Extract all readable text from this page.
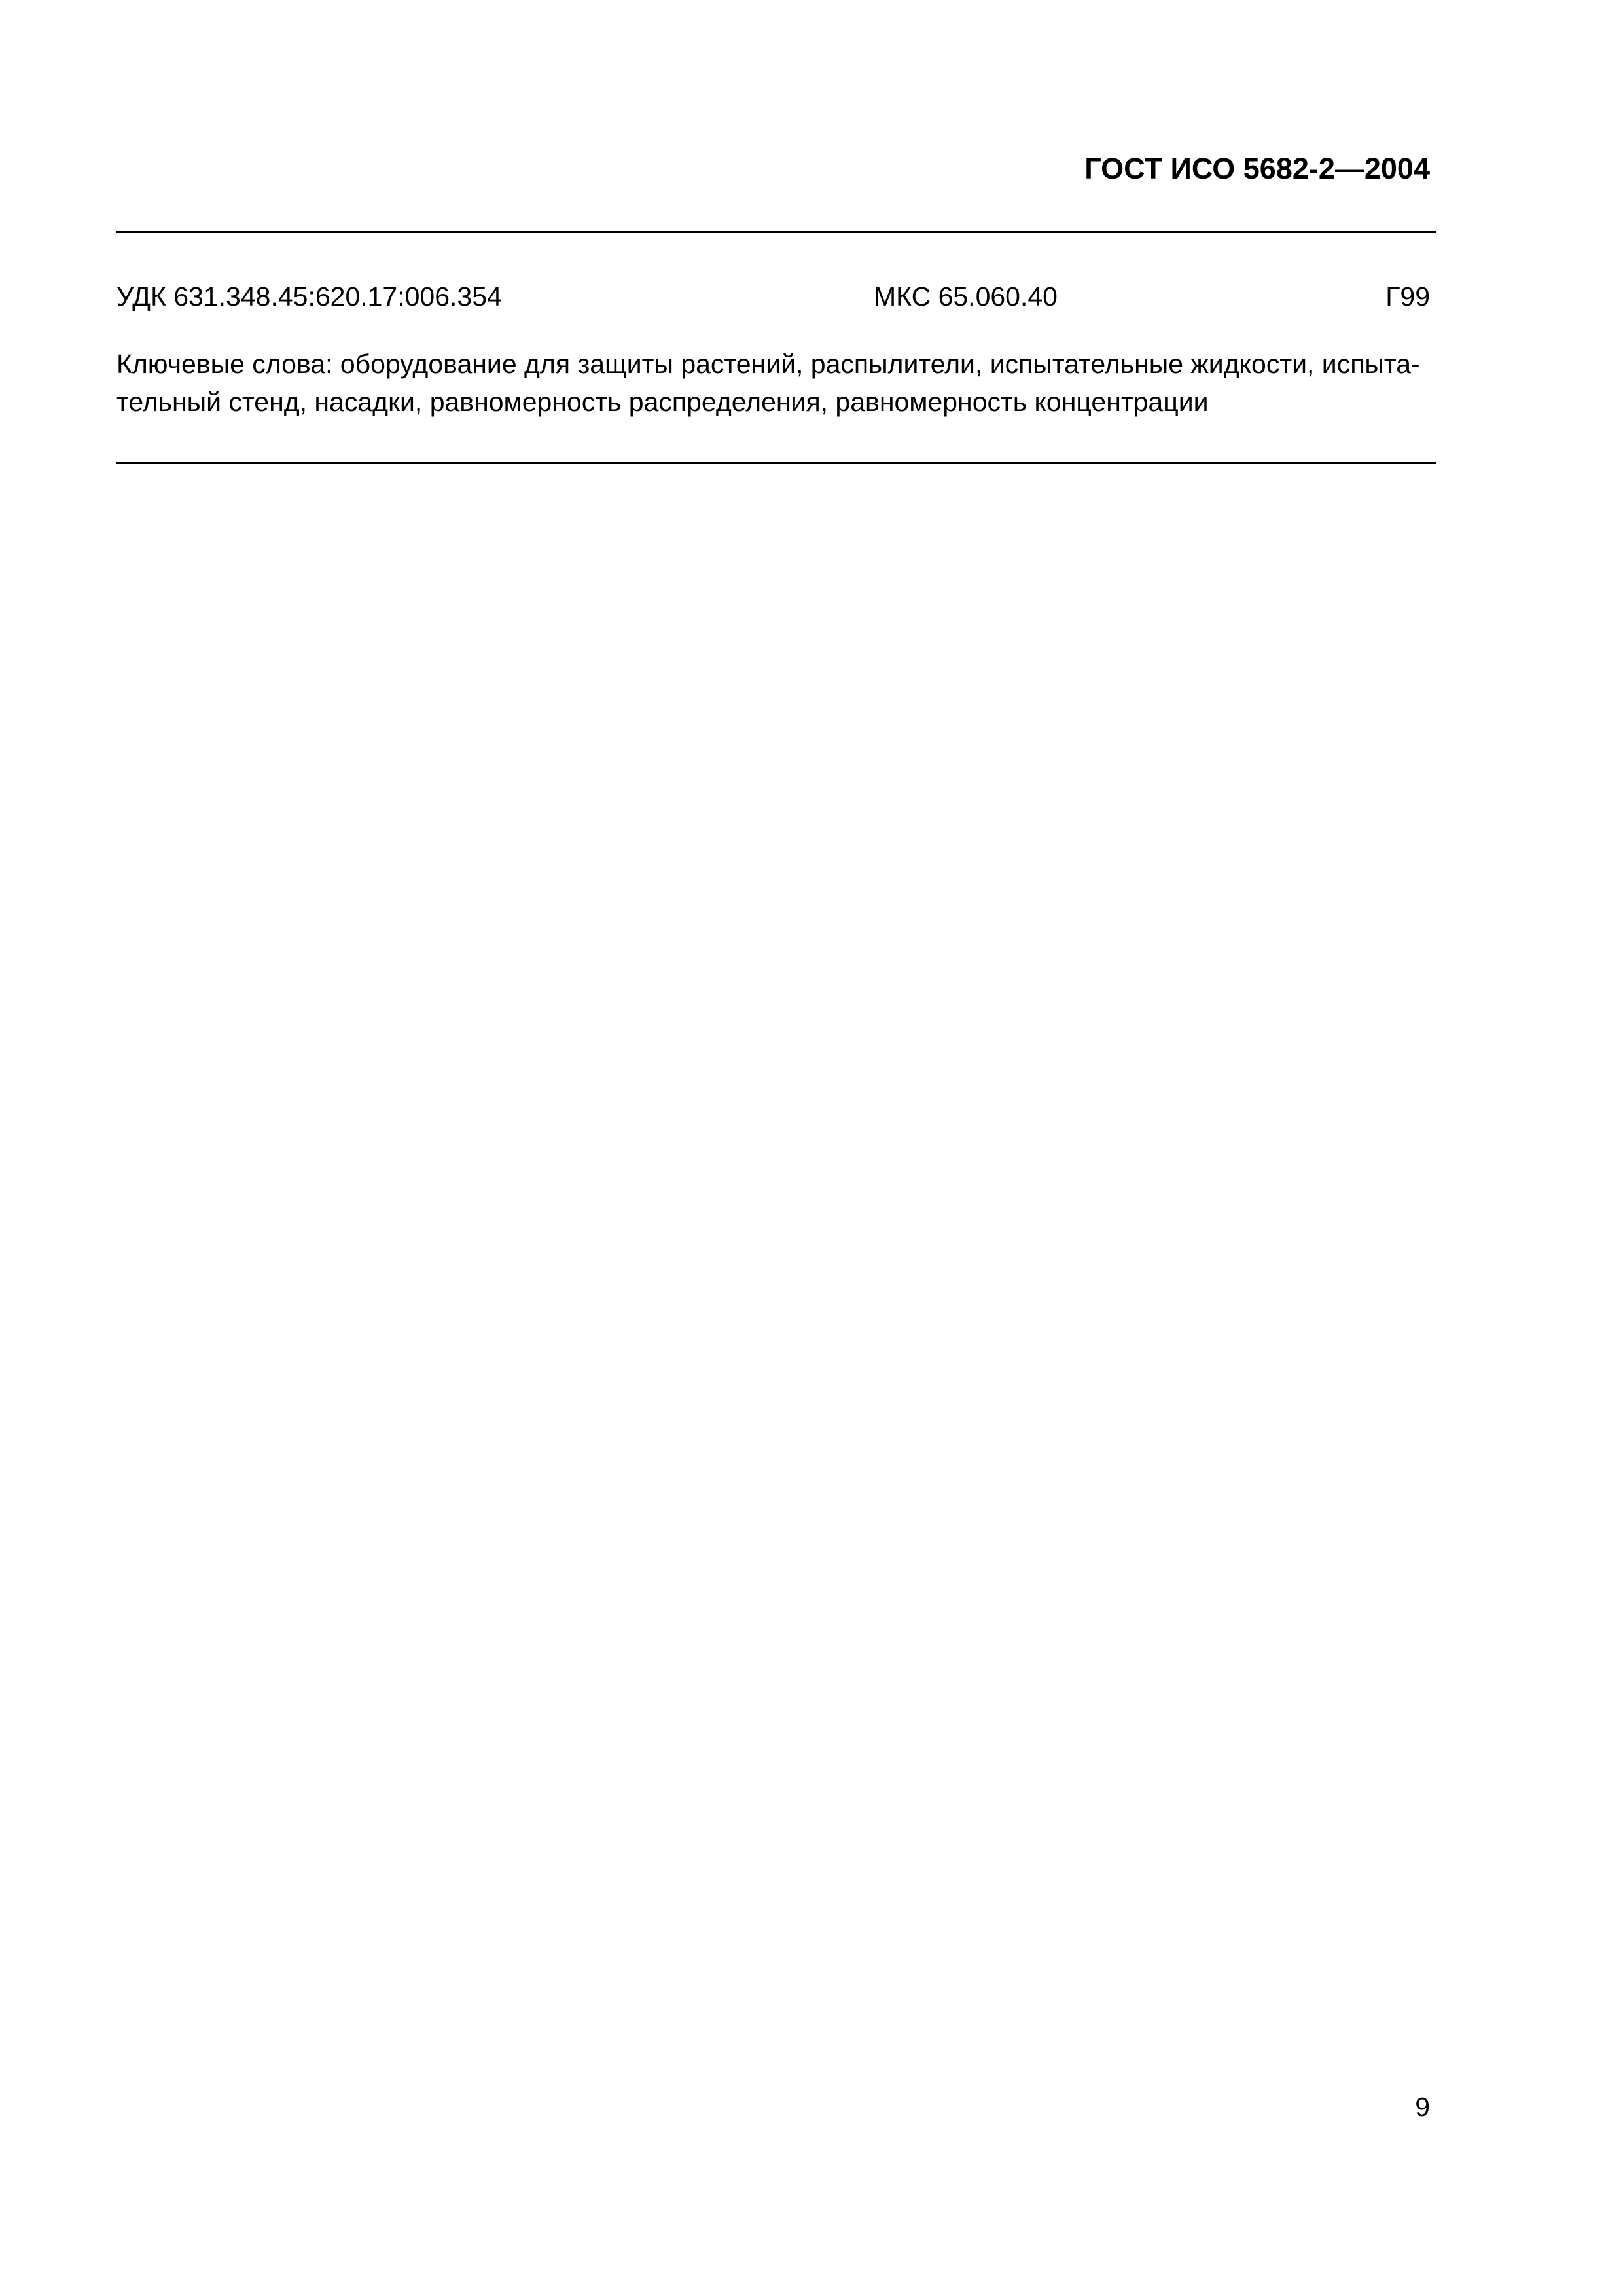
ГОСТ ИСО 5682-2—2004
УДК 631.348.45:620.17:006.354	МКС 65.060.40	Г99

Ключевые слова: оборудование для защиты растений, распылители, испытательные жидкости, испыта-
тельный стенд, насадки, равномерность распределения, равномерность концентрации

9
